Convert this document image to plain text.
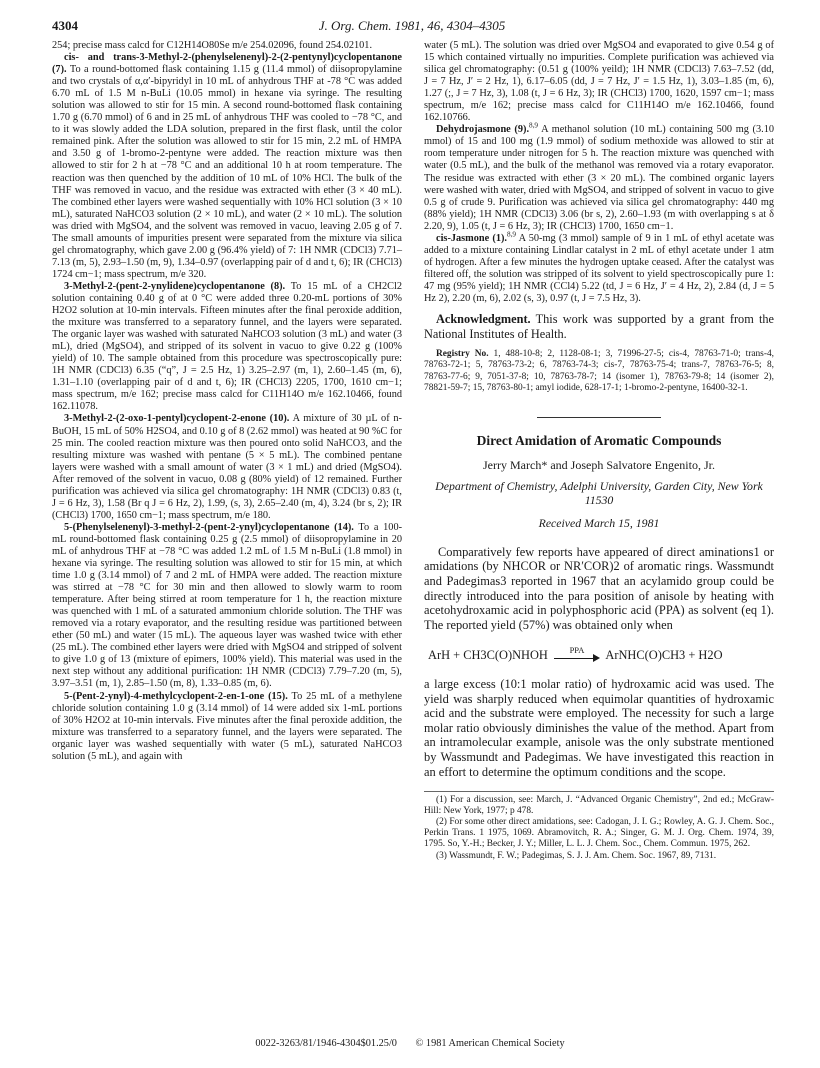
4304	J. Org. Chem. 1981, 46, 4304–4305

254; precise mass calcd for C12H14O80Se m/e 254.02096, found 254.02101.

cis- and trans-3-Methyl-2-(phenylselenenyl)-2-(2-pentynyl)cyclopentanone (7). To a round-bottomed flask containing 1.15 g (11.4 mmol) of diisopropylamine and two crystals of α,α′-bipyridyl in 10 mL of anhydrous THF at -78 °C was added 6.70 mL of 1.5 M n-BuLi (10.05 mmol) in hexane via syringe. The resulting solution was allowed to stir for 15 min. A second round-bottomed flask containing 1.70 g (6.70 mmol) of 6 and in 25 mL of anhydrous THF was cooled to −78 °C, and to it was slowly added the LDA solution, prepared in the first flask, until the color remained pink. After the solution was allowed to stir for 15 min, 2.2 mL of HMPA and 3.50 g of 1-bromo-2-pentyne were added. The reaction mixture was then allowed to stir for 2 h at −78 °C and an additional 10 h at room temperature. The reaction was then quenched by the addition of 10 mL of 10% HCl. The bulk of the THF was removed in vacuo, and the residue was extracted with ether (3 × 40 mL). The combined ether layers were washed sequentially with 10% HCl solution (3 × 10 mL), saturated NaHCO3 solution (2 × 10 mL), and water (2 × 10 mL). The solution was dried with MgSO4, and the solvent was removed in vacuo, leaving 2.05 g of 7. The small amounts of impurities present were separated from the mixture via silica gel chromatography, which gave 2.00 g (96.4% yield) of 7: 1H NMR (CDCl3) 7.71–7.13 (m, 5), 2.93–1.50 (m, 9), 1.34–0.97 (overlapping pair of d and t, 6); IR (CHCl3) 1724 cm−1; mass spectrum, m/e 320.

3-Methyl-2-(pent-2-ynylidene)cyclopentanone (8). To 15 mL of a CH2Cl2 solution containing 0.40 g of at 0 °C were added three 0.20-mL portions of 30% H2O2 solution at 10-min intervals. Fifteen minutes after the final peroxide addition, the mxiture was transferred to a separatory funnel, and the layers were separated. The organic layer was washed with saturated NaHCO3 solution (3 mL) and water (3 mL), dried (MgSO4), and stripped of its solvent in vacuo to give 0.22 g (100% yield) of 10. The sample obtained from this procedure was spectroscopically pure: 1H NMR (CDCl3) 6.35 (“q”, J = 2.5 Hz, 1) 3.25–2.97 (m, 1), 2.60–1.45 (m, 6), 1.31–1.10 (overlapping pair of d and t, 6); IR (CHCl3) 2205, 1700, 1610 cm−1; mass spectrum, m/e 162; precise mass calcd for C11H14O m/e 162.10466, found 162.11078.

3-Methyl-2-(2-oxo-1-pentyl)cyclopent-2-enone (10). A mixture of 30 µL of n-BuOH, 15 mL of 50% H2SO4, and 0.10 g of 8 (2.62 mmol) was heated at 90 %C for 25 min. The cooled reaction mixture was then poured onto solid NaHCO3, and the resulting mixture was washed with pentane (5 × 5 mL). The combined pentane layers were washed with a small amount of water (3 × 1 mL) and dried (MgSO4). After removed of the solvent in vacuo, 0.08 g (80% yield) of 12 remained. Further purification was achieved via silica gel chromatography: 1H NMR (CDCl3) 0.83 (t, J = 6 Hz, 3), 1.58 (Br q J = 6 Hz, 2), 1.99, (s, 3), 2.65–2.40 (m, 4), 3.24 (br s, 2); IR (CHCl3) 1700, 1650 cm−1; mass spectrum, m/e 180.

5-(Phenylselenenyl)-3-methyl-2-(pent-2-ynyl)cyclopentanone (14). To a 100-mL round-bottomed flask containing 0.25 g (2.5 mmol) of diisopropylamine in 20 mL of anhydrous THF at −78 °C was added 1.2 mL of 1.5 M n-BuLi (1.8 mmol) in hexane via syringe. The resulting solution was allowed to stir for 15 min, at which time 1.0 g (3.14 mmol) of 7 and 2 mL of HMPA were added. The reaction mixture was stirred at −78 °C for 30 min and then allowed to slowly warm to room temperature. After being stirred at room temperature for 1 h, the reaction mixture was quenched with 1 mL of a saturated ammonium chloride solution. The THF was removed via a rotary evaporator, and the resulting residue was partitioned between ether (50 mL) and water (15 mL). The aqueous layer was washed twice with ether (25 mL). The combined ether layers were dried with MgSO4 and stripped of solvent to give 1.0 g of 13 (mixture of epimers, 100% yield). This material was used in the next step without any additional purification: 1H NMR (CDCl3) 7.79–7.20 (m, 5), 3.97–3.51 (m, 1), 2.85–1.50 (m, 8), 1.33–0.85 (m, 6).

5-(Pent-2-ynyl)-4-methylcyclopent-2-en-1-one (15). To 25 mL of a methylene chloride solution containing 1.0 g (3.14 mmol) of 14 were added six 1-mL portions of 30% H2O2 at 10-min intervals. Five minutes after the final peroxide addition, the mixture was transferred to a separatory funnel, and the layers were separated. The organic layer was washed sequentially with water (5 mL), saturated NaHCO3 solution (5 mL), and again with

water (5 mL). The solution was dried over MgSO4 and evaporated to give 0.54 g of 15 which contained virtually no impurities. Complete purification was achieved via silica gel chromatography: (0.51 g (100% yeild); 1H NMR (CDCl3) 7.63–7.52 (dd, J = 7 Hz, J′ = 2 Hz, 1), 6.17–6.05 (dd, J = 7 Hz, J′ = 1.5 Hz, 1), 3.03–1.85 (m, 6), 1.27 (;, J = 7 Hz, 3), 1.08 (t, J = 6 Hz, 3); IR (CHCl3) 1700, 1620, 1597 cm−1; mass spectrum, m/e 162; precise mass calcd for C11H14O m/e 162.10466, found 162.10766.

Dehydrojasmone (9).$^{8,9}$ A methanol solution (10 mL) containing 500 mg (3.10 mmol) of 15 and 100 mg (1.9 mmol) of sodium methoxide was allowed to stir at room temperature under nitrogen for 5 h. The reaction mixture was quenched with water (0.5 mL), and the bulk of the methanol was removed via a rotary evaporator. The residue was extracted with ether (3 × 20 mL). The combined organic layers were washed with water, dried with MgSO4, and stripped of solvent in vacuo to give 0.5 g of crude 9. Purification was achieved via silica gel chromatography: 440 mg (88% yield); 1H NMR (CDCl3) 3.06 (br s, 2), 2.60–1.93 (m with overlapping s at δ 2.20, 9), 1.05 (t, J = 6 Hz, 3); IR (CHCl3) 1700, 1650 cm−1.

cis-Jasmone (1).$^{8,9}$ A 50-mg (3 mmol) sample of 9 in 1 mL of ethyl acetate was added to a mixture containing Lindlar catalyst in 2 mL of ethyl acetate under 1 atm of hydrogen. After a few minutes the hydrogen uptake ceased. After the catalyst was filtered off, the solution was stripped of its solvent to yield spectroscopically pure 1: 47 mg (95% yield); 1H NMR (CCl4) 5.22 (td, J = 6 Hz, J′ = 4 Hz, 2), 2.84 (d, J = 5 Hz 2), 2.20 (m, 6), 2.02 (s, 3), 0.97 (t, J = 7.5 Hz, 3).

Acknowledgment. This work was supported by a grant from the National Institutes of Health.

Registry No. 1, 488-10-8; 2, 1128-08-1; 3, 71996-27-5; cis-4, 78763-71-0; trans-4, 78763-72-1; 5, 78763-73-2; 6, 78763-74-3; cis-7, 78763-75-4; trans-7, 78763-76-5; 8, 78763-77-6; 9, 7051-37-8; 10, 78763-78-7; 14 (isomer 1), 78763-79-8; 14 (isomer 2), 78821-59-7; 15, 78763-80-1; amyl iodide, 628-17-1; 1-bromo-2-pentyne, 16400-32-1.

Direct Amidation of Aromatic Compounds
Jerry March* and Joseph Salvatore Engenito, Jr.
Department of Chemistry, Adelphi University, Garden City, New York 11530
Received March 15, 1981

Comparatively few reports have appeared of direct aminations1 or amidations (by NHCOR or NR′COR)2 of aromatic rings. Wassmundt and Padegimas3 reported in 1967 that an acylamido group could be directly introduced into the para position of anisole by heating with acetohydroxamic acid in polyphosphoric acid (PPA) as solvent (eq 1). The reported yield (57%) was obtained only when

ArH + CH3C(O)NHOH	PPA	ArNHC(O)CH3 + H2O

a large excess (10:1 molar ratio) of hydroxamic acid was used. The yield was sharply reduced when equimolar quantities of hydroxamic acid and the substrate were employed. The necessity for such a large molar ratio obviously diminishes the value of the method. Apart from an intramolecular example, anisole was the only substrate mentioned by Wassmundt and Padegimas. We have investigated this reaction in an effort to determine the optimum conditions and the scope.

(1) For a discussion, see: March, J. “Advanced Organic Chemistry”, 2nd ed.; McGraw-Hill: New York, 1977; p 478.

(2) For some other direct amidations, see: Cadogan, J. I. G.; Rowley, A. G. J. Chem. Soc., Perkin Trans. 1 1975, 1069. Abramovitch, R. A.; Singer, G. M. J. Org. Chem. 1974, 39, 1795. So, Y.-H.; Becker, J. Y.; Miller, L. L. J. Chem. Soc., Chem. Commun. 1975, 262.

(3) Wassmundt, F. W.; Padegimas, S. J. J. Am. Chem. Soc. 1967, 89, 7131.

0022-3263/81/1946-4304$01.25/0 © 1981 American Chemical Society
